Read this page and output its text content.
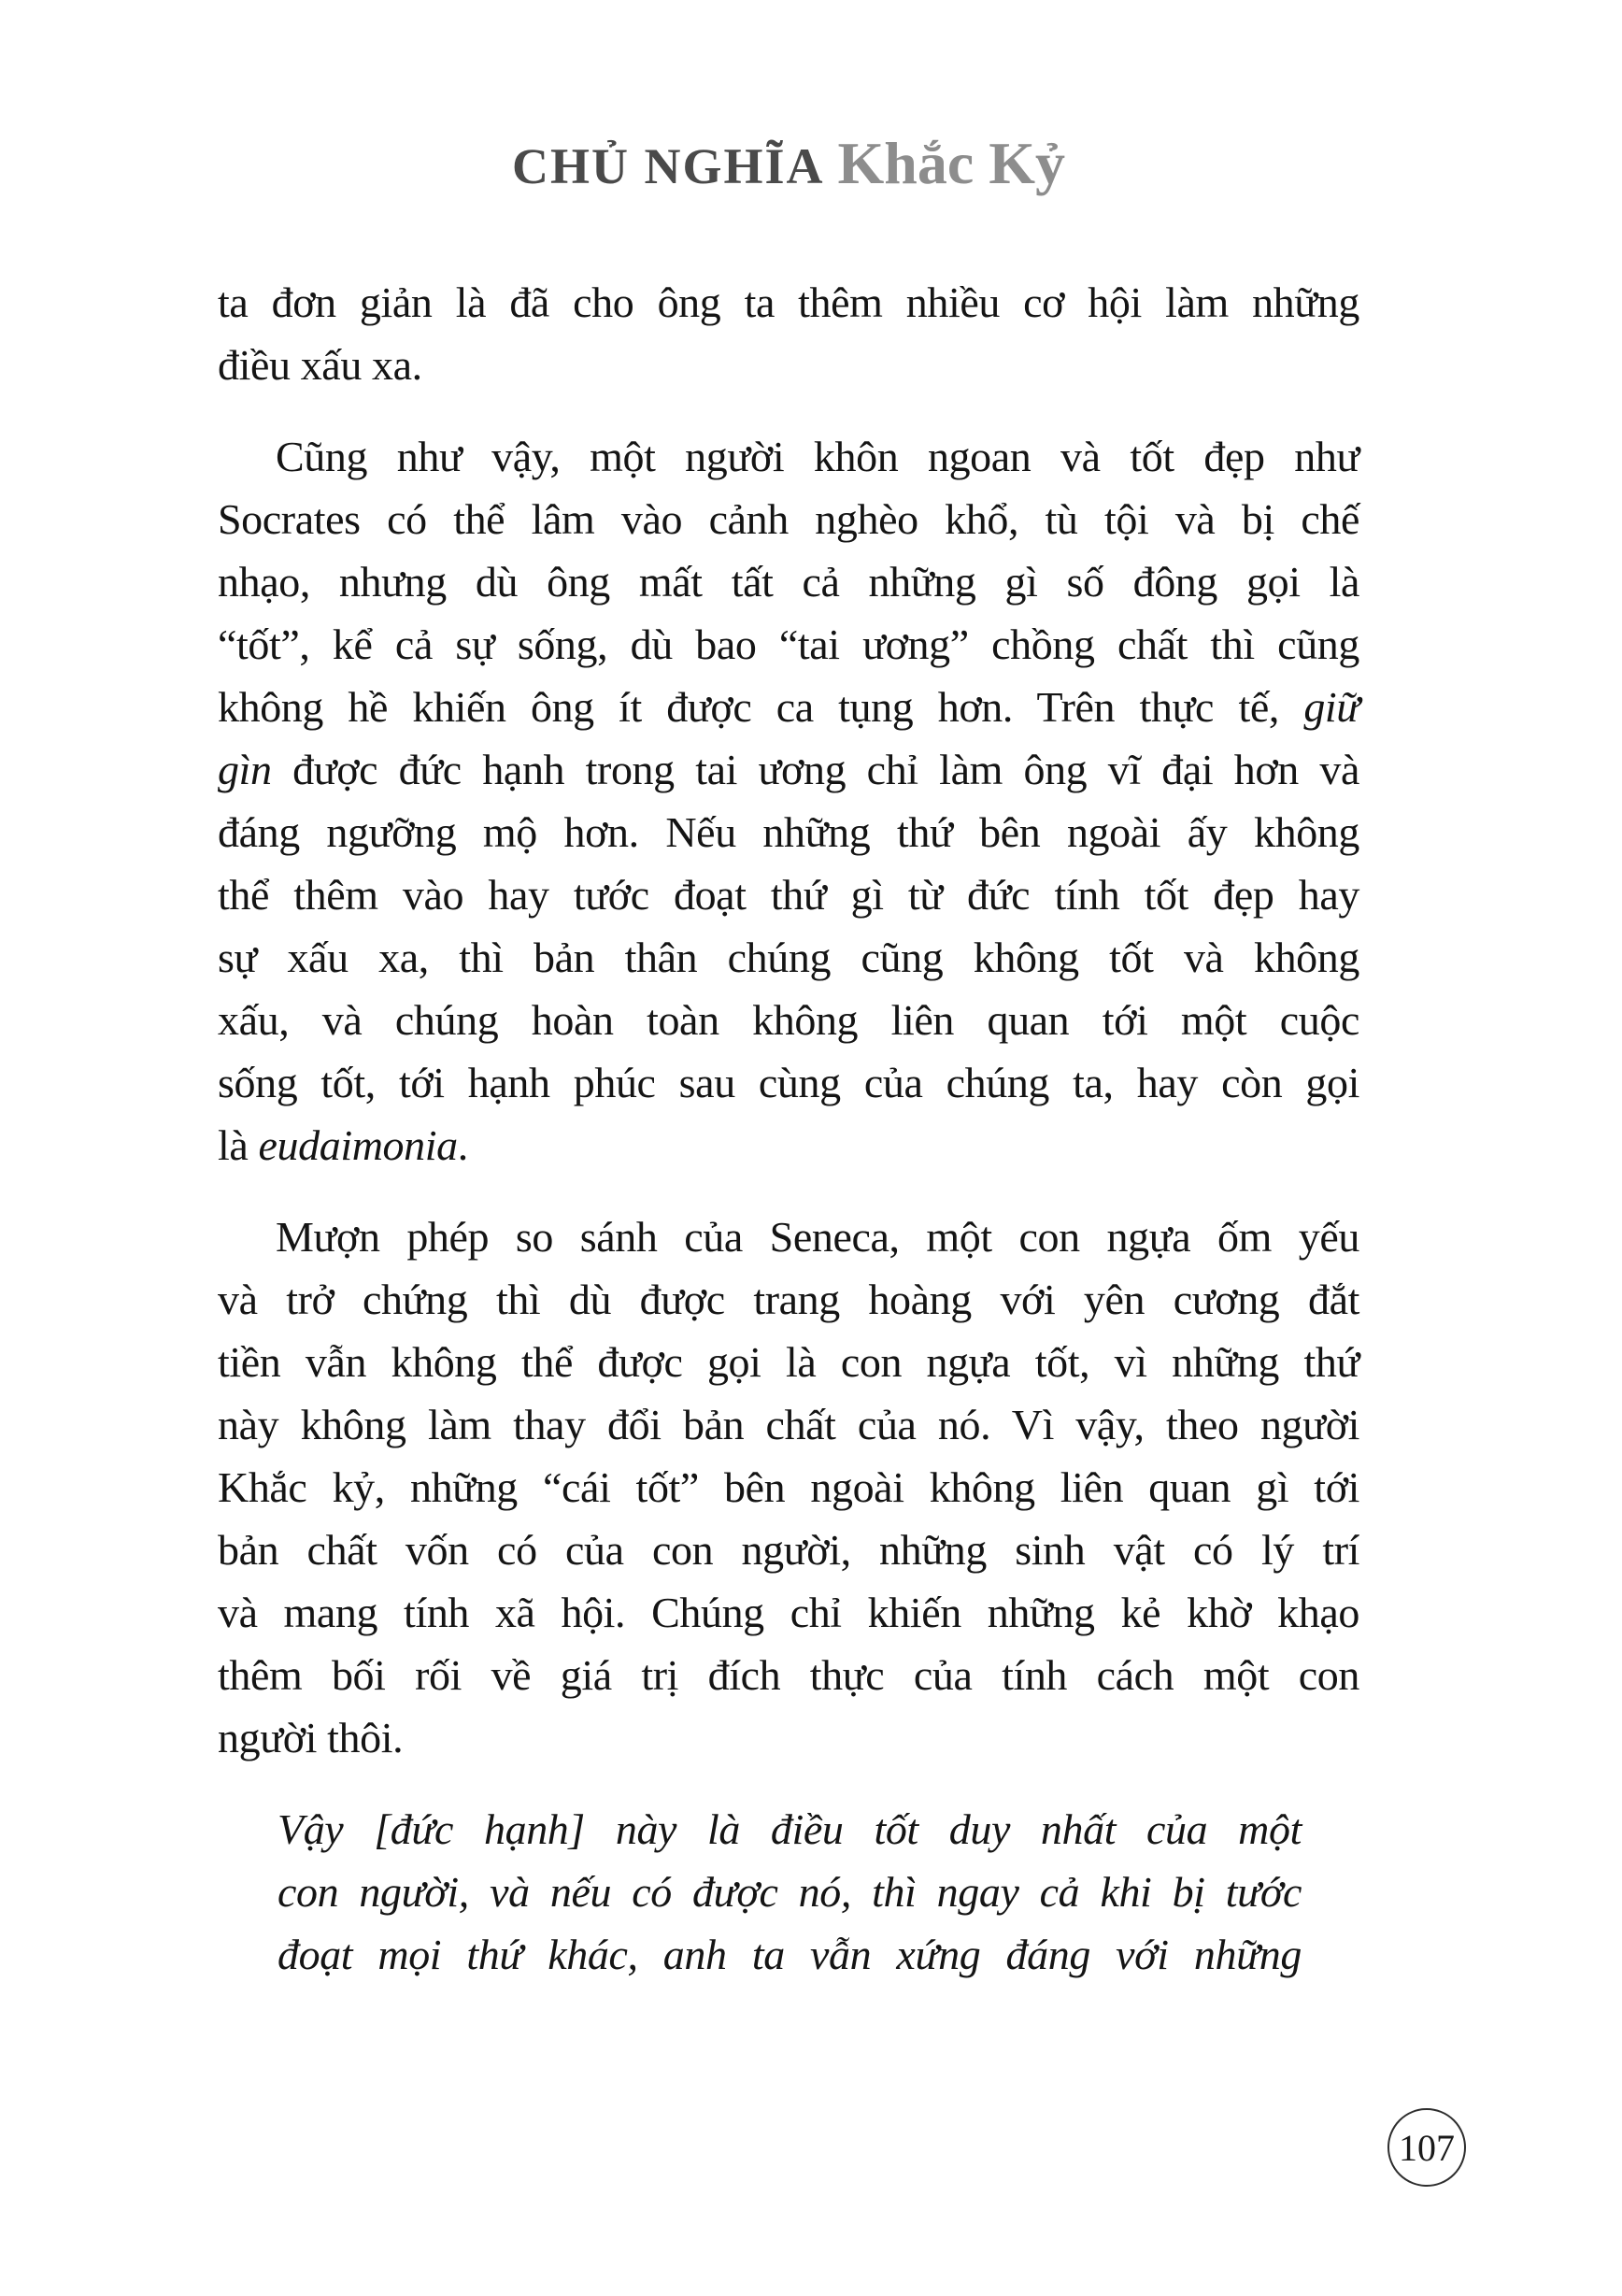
CHỦ NGHĨA Khắc Kỷ
ta đơn giản là đã cho ông ta thêm nhiều cơ hội làm những
điều xấu xa.
Cũng như vậy, một người khôn ngoan và tốt đẹp như
Socrates có thể lâm vào cảnh nghèo khổ, tù tội và bị chế
nhạo, nhưng dù ông mất tất cả những gì số đông gọi là
“tốt”, kể cả sự sống, dù bao “tai ương” chồng chất thì cũng
không hề khiến ông ít được ca tụng hơn. Trên thực tế, giữ
gìn được đức hạnh trong tai ương chỉ làm ông vĩ đại hơn và
đáng ngưỡng mộ hơn. Nếu những thứ bên ngoài ấy không
thể thêm vào hay tước đoạt thứ gì từ đức tính tốt đẹp hay
sự xấu xa, thì bản thân chúng cũng không tốt và không
xấu, và chúng hoàn toàn không liên quan tới một cuộc
sống tốt, tới hạnh phúc sau cùng của chúng ta, hay còn gọi
là eudaimonia.
Mượn phép so sánh của Seneca, một con ngựa ốm yếu
và trở chứng thì dù được trang hoàng với yên cương đắt
tiền vẫn không thể được gọi là con ngựa tốt, vì những thứ
này không làm thay đổi bản chất của nó. Vì vậy, theo người
Khắc kỷ, những “cái tốt” bên ngoài không liên quan gì tới
bản chất vốn có của con người, những sinh vật có lý trí
và mang tính xã hội. Chúng chỉ khiến những kẻ khờ khạo
thêm bối rối về giá trị đích thực của tính cách một con
người thôi.
Vậy [đức hạnh] này là điều tốt duy nhất của một
con người, và nếu có được nó, thì ngay cả khi bị tước
đoạt mọi thứ khác, anh ta vẫn xứng đáng với những
107
